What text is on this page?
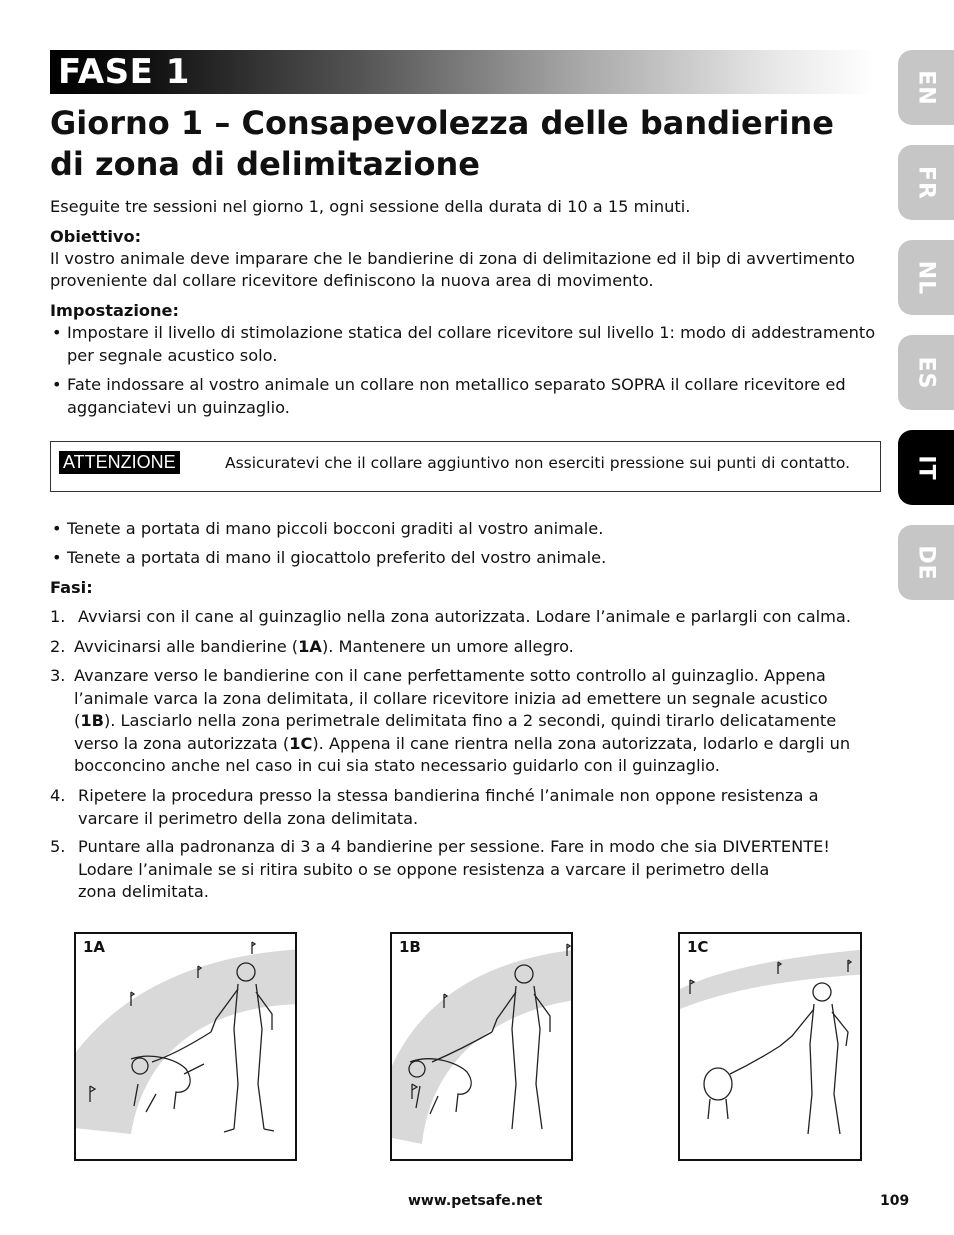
FASE 1
Giorno 1 – Consapevolezza delle bandierine
di zona di delimitazione
Eseguite tre sessioni nel giorno 1, ogni sessione della durata di 10 a 15 minuti.
Obiettivo:
Il vostro animale deve imparare che le bandierine di zona di delimitazione ed il bip di avvertimento
proveniente dal collare ricevitore definiscono la nuova area di movimento.
Impostazione:
• Impostare il livello di stimolazione statica del collare ricevitore sul livello 1: modo di addestramento
per segnale acustico solo.
• Fate indossare al vostro animale un collare non metallico separato SOPRA il collare ricevitore ed
agganciatevi un guinzaglio.
ATTENZIONE	Assicuratevi che il collare aggiuntivo non eserciti pressione sui punti di contatto.
• Tenete a portata di mano piccoli bocconi graditi al vostro animale.
• Tenete a portata di mano il giocattolo preferito del vostro animale.
Fasi:
1. Avviarsi con il cane al guinzaglio nella zona autorizzata. Lodare l’animale e parlargli con calma.
2. Avvicinarsi alle bandierine (1A). Mantenere un umore allegro.
3. Avanzare verso le bandierine con il cane perfettamente sotto controllo al guinzaglio. Appena
l’animale varca la zona delimitata, il collare ricevitore inizia ad emettere un segnale acustico
(1B). Lasciarlo nella zona perimetrale delimitata fino a 2 secondi, quindi tirarlo delicatamente
verso la zona autorizzata (1C). Appena il cane rientra nella zona autorizzata, lodarlo e dargli un
bocconcino anche nel caso in cui sia stato necessario guidarlo con il guinzaglio.
4. Ripetere la procedura presso la stessa bandierina finché l’animale non oppone resistenza a
varcare il perimetro della zona delimitata.
5. Puntare alla padronanza di 3 a 4 bandierine per sessione. Fare in modo che sia DIVERTENTE!
Lodare l’animale se si ritira subito o se oppone resistenza a varcare il perimetro della
zona delimitata.
EN
FR
NL
ES
IT
DE
1A	1B	1C
www.petsafe.net	109
